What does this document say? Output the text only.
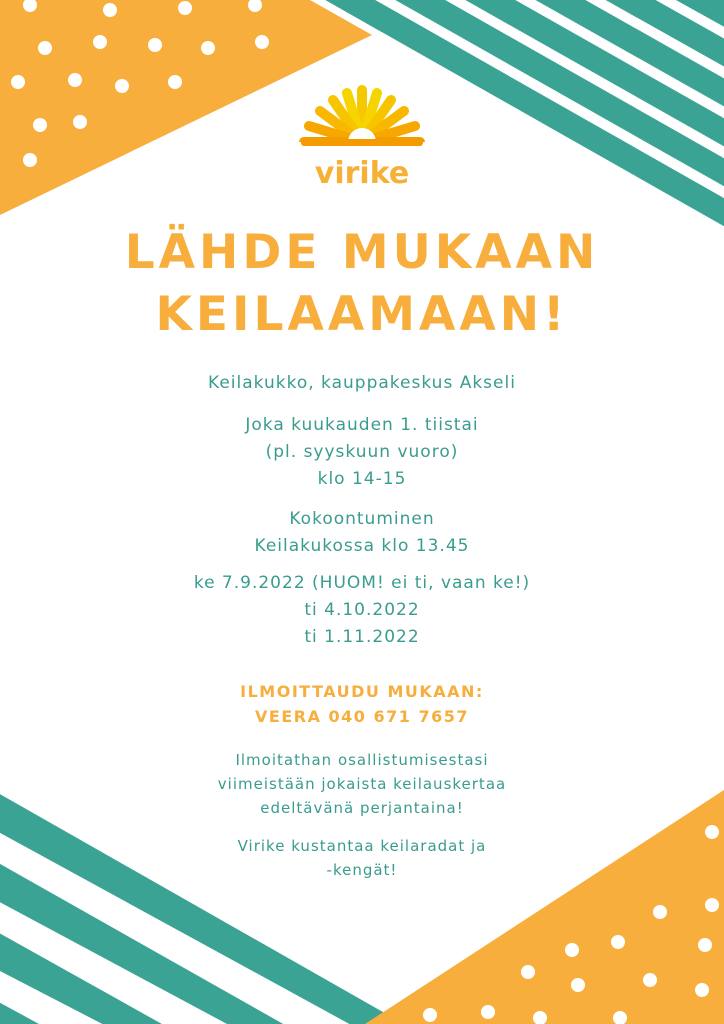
virike
LÄHDE MUKAAN
KEILAAMAAN!
Keilakukko, kauppakeskus Akseli
Joka kuukauden 1. tiistai
(pl. syyskuun vuoro)
klo 14-15
Kokoontuminen
Keilakukossa klo 13.45
ke 7.9.2022 (HUOM! ei ti, vaan ke!)
ti 4.10.2022
ti 1.11.2022
ILMOITTAUDU MUKAAN:
VEERA 040 671 7657
Ilmoitathan osallistumisestasi
viimeistään jokaista keilauskertaa
edeltävänä perjantaina!
Virike kustantaa keilaradat ja
-kengät!
